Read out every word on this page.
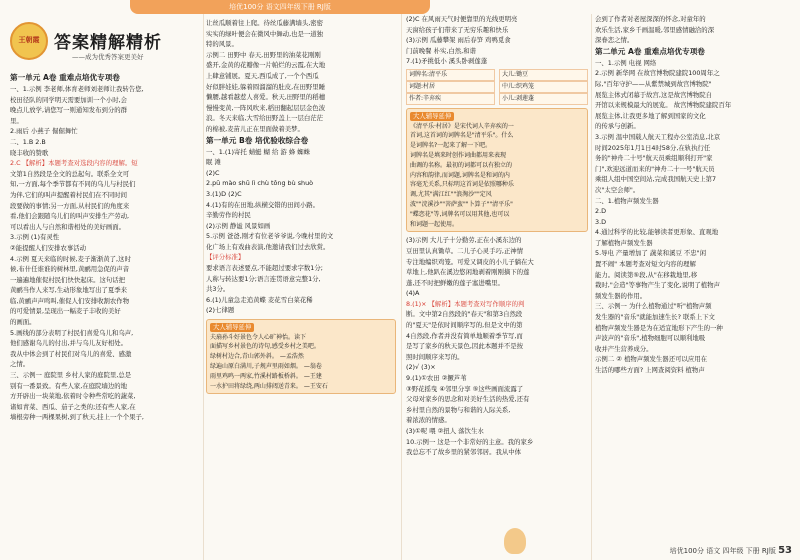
培优100分 语文四年级下册 RJ版
王朝霞 答案精解精析
——成为优秀答案更美好
第一单元 A卷 重难点培优专项卷
一、1.示例 李老师,体育老师刘老师让我转告您,
校田径队的同学明天需要加训一个小时,会
晚点儿放学,请您写一则通知发布到分的群
里。
2.雨后 小燕子 倔倔舞忙
二、1.B 2.B
晓丰收的赞歌
2.C 【解析】本题考查对选段内容的理解。短
文第1自然段是全文的总起句。联系全文可
知,一方面,每个季节都有不同的乌儿与村民们
为伴,它们的叫声提醒着村民们在不同时间
段要做的事情;另一方面,从村民们的角度来
看,他们会跟随乌儿们的叫声安排生产劳动,
可以看出人与自然和谐相处的美好画面。
3.示例 (1)有灵性
②能提醒人们安排农事活动
4.示例 夏天来临的时候,麦子渐渐黄了,这时
候,布什任谁谁的树林里,黄鹂用急促的声音
一遍遍地催促村民们快快起床。这句话把
黄鹂当作人来写,生动形象地写出了夏季来
临,黄鹂声声鸣叫,催促人们安排收割农作物
的可爱情景,呈现出一幅麦子丰收的美好
的画面。
5.画线的部分表明了村民们喜爱乌儿和乌声,
他们感谢乌儿的付出,并与乌儿友好相处。
我从中体会到了村民们对乌儿的喜爱、感激
之情。
三、示例一 庭院里 乡村人家的庭院里,总是
别有一番景致。有些人家,在庭院墙边的地
方开辟出一块菜地,依着时令种些常吃的蔬菜,
诸如青菜、西瓜、茄子之类的;还有些人家,在
墙根旁种一两棵果树,到了秋天,挂上一个个果子,
让丝瓜顺着往上爬。待丝瓜藤满墙头,密密
实实的绿叶便会在微风中舞动,也是一道独
特的风景。
示例二 田野中 春天,田野里的油菜花刚刚
盛开,金黄的花瓣像一片帕烂的云霞,在大地
上肆意铺展。夏天,西瓜成了,一个个西瓜
好似胖娃娃,躲着圆溜溜的肚皮,在田野里睡
懒腰,越看越惹人喜爱。秋天,田野里的稻穗
慢慢变黄,一阵风吹来,稻田翻起层层金色波
浪。冬天来临,大雪给田野盖上一层白茫茫
的棉被,麦苗儿正在里面做着美梦。
第一单元 B卷 培优验收综合卷
一、1.(1)寄托 蜻蜓 蝴 给 游 蜂 蜘蛛
眠 滩
(2)C
2.pū mào shū lì chù tǒng bù shuò
3.(1)D (2)C
4.(1)有的在田地,纵横交错的田间小路。
辛勤劳作的村民
(2)示例 静谧 风景如画
5.示例 爸爸,刚才有位老爷爷说,今晚村里的文
化广场上有戏曲表演,他邀请我们过去欣赏。
【评分标准】
要求语言表述要点,不能超过要求字数1分;
人称与转达要1分;语言连贯语意完整1分,
共3分。
6.(1)儿童急走追黄蝶 麦花雪白菜花稀
(2)七律题
大人辅导延伸
夫扇孙斗好景色令人心旷神怡。读下
面描写乡村景色的诗句,感受乡村之美吧。
绿树村边合,青山郭外斜。 —孟浩然
绿遍山原白满川,子规声里雨如烟。 —翁卷
雨里鸡鸣一两家,竹溪村路板桥斜。 —王建
一水护田将绿绕,两山排闼送青来。 —王安石
(2)C 在风雨天气时便靠里的光线更明亮
天窗给孩子们带来了无穷乐趣和快乐
(3)示例 瓜藤攀架 雨后春笋 鸡鸭觅食
门前晚餐 朴实,白然,和谐
7.(1)矛挑低小 溪头卧剥莲蓬
词牌名:清平乐	大儿:锄豆
词题:村居	中儿:织鸡笼
作者:辛弃疾	小儿:剥莲蓬
大人辅导延伸
《清平乐·村居》是宋代词人辛弃疾的一
首词,这首词的词牌名是"清平乐"。什么
是词牌名?一起来了解一下吧。
词牌名是填来时创作词曲都用来表现
曲调的名称。最初的词都可以有独立的
内容和韵律,而词题,词牌名是和词的内
容毫无关系,只标明这首词是依照哪种乐
调,尤其"满江红""浪淘沙""定风
波""浣溪沙""菩萨蛮""卜算子""清平乐"
"蝶恋花"等,词牌名可以用其他,也可以
和词题一起使用。
(3)示例 大儿子十分勤劳,正在小溪东边的
豆田里认真锄草。二儿子心灵手巧,正神情
专注地编织鸡笼。可爱又调皮的小儿子躺在大
草地上,他趴在溪边悠闲地剥着刚刚摘下的莲
蓬,还不时把鲜嫩的莲子塞进嘴里。
(4)A
8.(1)× 【解析】本题考查对写作顺序的判
断。文中第2自然段的"春天"和第3自然段
的"夏天"是依时间顺序写的,但是文中的第
4自然段,作者并没有简单地顺着季节写,而
是写了家乡的秋天景色,因此本题并不是按
照时间顺序来写的。
(2)√ (3)×
9.(1)①农田 ②撅芦苇
③野花摇曳 ④邻里分享 ⑤这些画面流露了
父母对家乡的思念和对美好生活的热爱,还有
乡村里自然的景物与和谐的人际关系,
着浓浓的情感。
(3)①呢 喂 ②扭人 落饮生水
10.示例一 这是一个非常好的主意。我的家乡
我总忘不了故乡里的紧邻邻居。我从中体
会到了作者对老屋深深的怀念,对童年的
欢乐生活,家乡千画温暖,邻里感情融洽的深
深眷恋之情。
第二单元 A卷 重难点培优专项卷
一、1.示例 电视 网络
2.示例 新华网 在故宫博物院建院100周年之
际,"百年守护——从紫禁城到故宫博物院"
展览主体式闭幕于故宫,这是故宫博物院自
开馆以来规模最大的展览。 故宫博物院建院百年
展览主体,让我更多地了解到国家的文化
的传承与创新。
3.示例 温中国载人航天工程办公室消息,北京
时间2025年1月1日4时58分,在轨执行任
务的"神舟二十号"航天员乘组顺利打开"家
门",欢迎远道而来的"神舟二十一号"航天员
乘组人组中国空间站,完成我国航天史上第7
次"太空会师"。
二、1.植物声频发生器
2.D
3.D
4.通过科学的比较,能够读者更形象、直观地
了解植物声频发生器
5.导电 产量增加了 蔬菜和溪豆 不忠"闲
置不闹" 本题考查对短文内容的理解
能力。阅读第⑤段,从"在移栽地里,移
栽时,"会造"等事物产生了变化,说明了植物声
频发生器的作用。
三、示例一 为什么植物通过"听"植物声频
发生器的"音乐"就能加速生长? 联系上下文
植物声频发生器是为在适宜地形下产生的一种
声波声的"音乐",植物细胞可以顺利地吸
收并产生营养成分。
示例二 ② 植物声频发生器还可以应用在
生活的哪些方面? 上网查阅资料 植物声
培优100分 语文 四年级 下册 RJ版 53
